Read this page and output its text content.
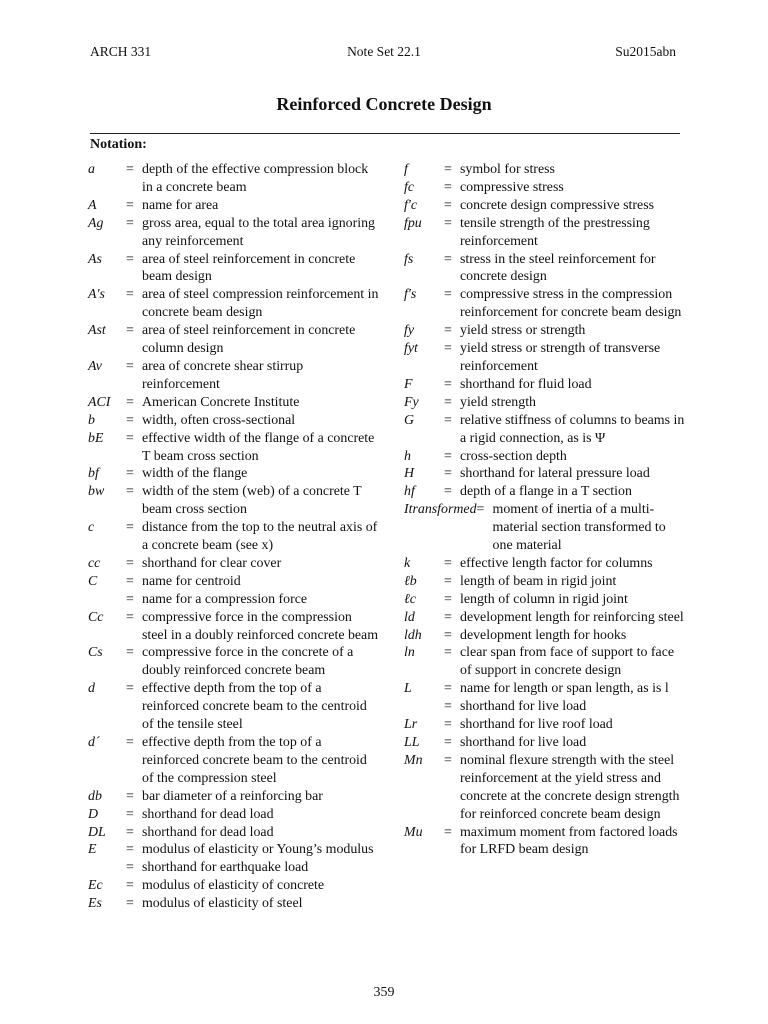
ARCH 331	Note Set 22.1	Su2015abn
Reinforced Concrete Design
Notation:
a	= depth of the effective compression block in a concrete beam
A	= name for area
Ag	= gross area, equal to the total area ignoring any reinforcement
As	= area of steel reinforcement in concrete beam design
A′s	= area of steel compression reinforcement in concrete beam design
Ast	= area of steel reinforcement in concrete column design
Av	= area of concrete shear stirrup reinforcement
ACI	= American Concrete Institute
b	= width, often cross-sectional
bE	= effective width of the flange of a concrete T beam cross section
bf	= width of the flange
bw	= width of the stem (web) of a concrete T beam cross section
c	= distance from the top to the neutral axis of a concrete beam (see x)
cc	= shorthand for clear cover
C	= name for centroid
= name for a compression force
Cc	= compressive force in the compression steel in a doubly reinforced concrete beam
Cs	= compressive force in the concrete of a doubly reinforced concrete beam
d	= effective depth from the top of a reinforced concrete beam to the centroid of the tensile steel
d´	= effective depth from the top of a reinforced concrete beam to the centroid of the compression steel
db	= bar diameter of a reinforcing bar
D	= shorthand for dead load
DL	= shorthand for dead load
E	= modulus of elasticity or Young’s modulus
= shorthand for earthquake load
Ec	= modulus of elasticity of concrete
Es	= modulus of elasticity of steel
f	= symbol for stress
fc	= compressive stress
f′c	= concrete design compressive stress
fpu	= tensile strength of the prestressing reinforcement
fs	= stress in the steel reinforcement for concrete design
f′s	= compressive stress in the compression reinforcement for concrete beam design
fy	= yield stress or strength
fyt	= yield stress or strength of transverse reinforcement
F	= shorthand for fluid load
Fy	= yield strength
G	= relative stiffness of columns to beams in a rigid connection, as is Ψ
h	= cross-section depth
H	= shorthand for lateral pressure load
hf	= depth of a flange in a T section
Itransformed = moment of inertia of a multi-material section transformed to one material
k	= effective length factor for columns
ℓb	= length of beam in rigid joint
ℓc	= length of column in rigid joint
ld	= development length for reinforcing steel
ldh	= development length for hooks
ln	= clear span from face of support to face of support in concrete design
L	= name for length or span length, as is l
= shorthand for live load
Lr	= shorthand for live roof load
LL	= shorthand for live load
Mn	= nominal flexure strength with the steel reinforcement at the yield stress and concrete at the concrete design strength for reinforced concrete beam design
Mu	= maximum moment from factored loads for LRFD beam design
359
